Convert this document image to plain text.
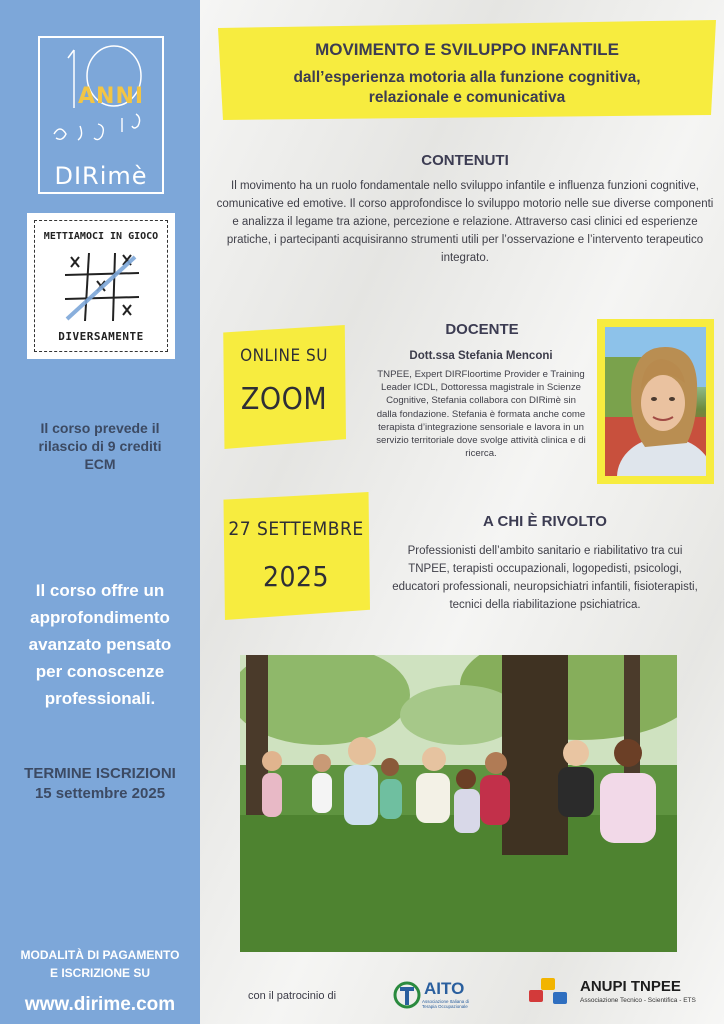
ANNI
DIRimè
METTIAMOCI IN GIOCO
DIVERSAMENTE
Il corso prevede il rilascio di 9 crediti ECM
Il corso offre un approfondimento avanzato pensato per conoscenze professionali.
TERMINE ISCRIZIONI
15 settembre 2025
MODALITÀ DI PAGAMENTO E ISCRIZIONE SU
www.dirime.com
MOVIMENTO E SVILUPPO INFANTILE
dall’esperienza motoria alla funzione cognitiva,
relazionale e comunicativa
CONTENUTI
Il movimento ha un ruolo fondamentale nello sviluppo infantile e influenza funzioni cognitive, comunicative ed emotive. Il corso approfondisce lo sviluppo motorio nelle sue diverse componenti e analizza il legame tra azione, percezione e relazione. Attraverso casi clinici ed esperienze pratiche, i partecipanti acquisiranno strumenti utili per l’osservazione e l’intervento terapeutico integrato.
ONLINE SU
ZOOM
DOCENTE
Dott.ssa Stefania Menconi
TNPEE, Expert DIRFloortime Provider e Training Leader ICDL, Dottoressa magistrale in Scienze Cognitive, Stefania collabora con DIRimè sin dalla fondazione. Stefania è formata anche come terapista d’integrazione sensoriale e lavora in un servizio territoriale dove svolge attività clinica e di ricerca.
27 SETTEMBRE
2025
A CHI È RIVOLTO
Professionisti dell’ambito sanitario e riabilitativo tra cui TNPEE, terapisti occupazionali, logopedisti, psicologi, educatori professionali, neuropsichiatri infantili, fisioterapisti, tecnici della riabilitazione psichiatrica.
con il patrocinio di	AITO
Associazione Italiana di Terapia Occupazionale
ANUPI TNPEE
Associazione Tecnico - Scientifica - ETS
